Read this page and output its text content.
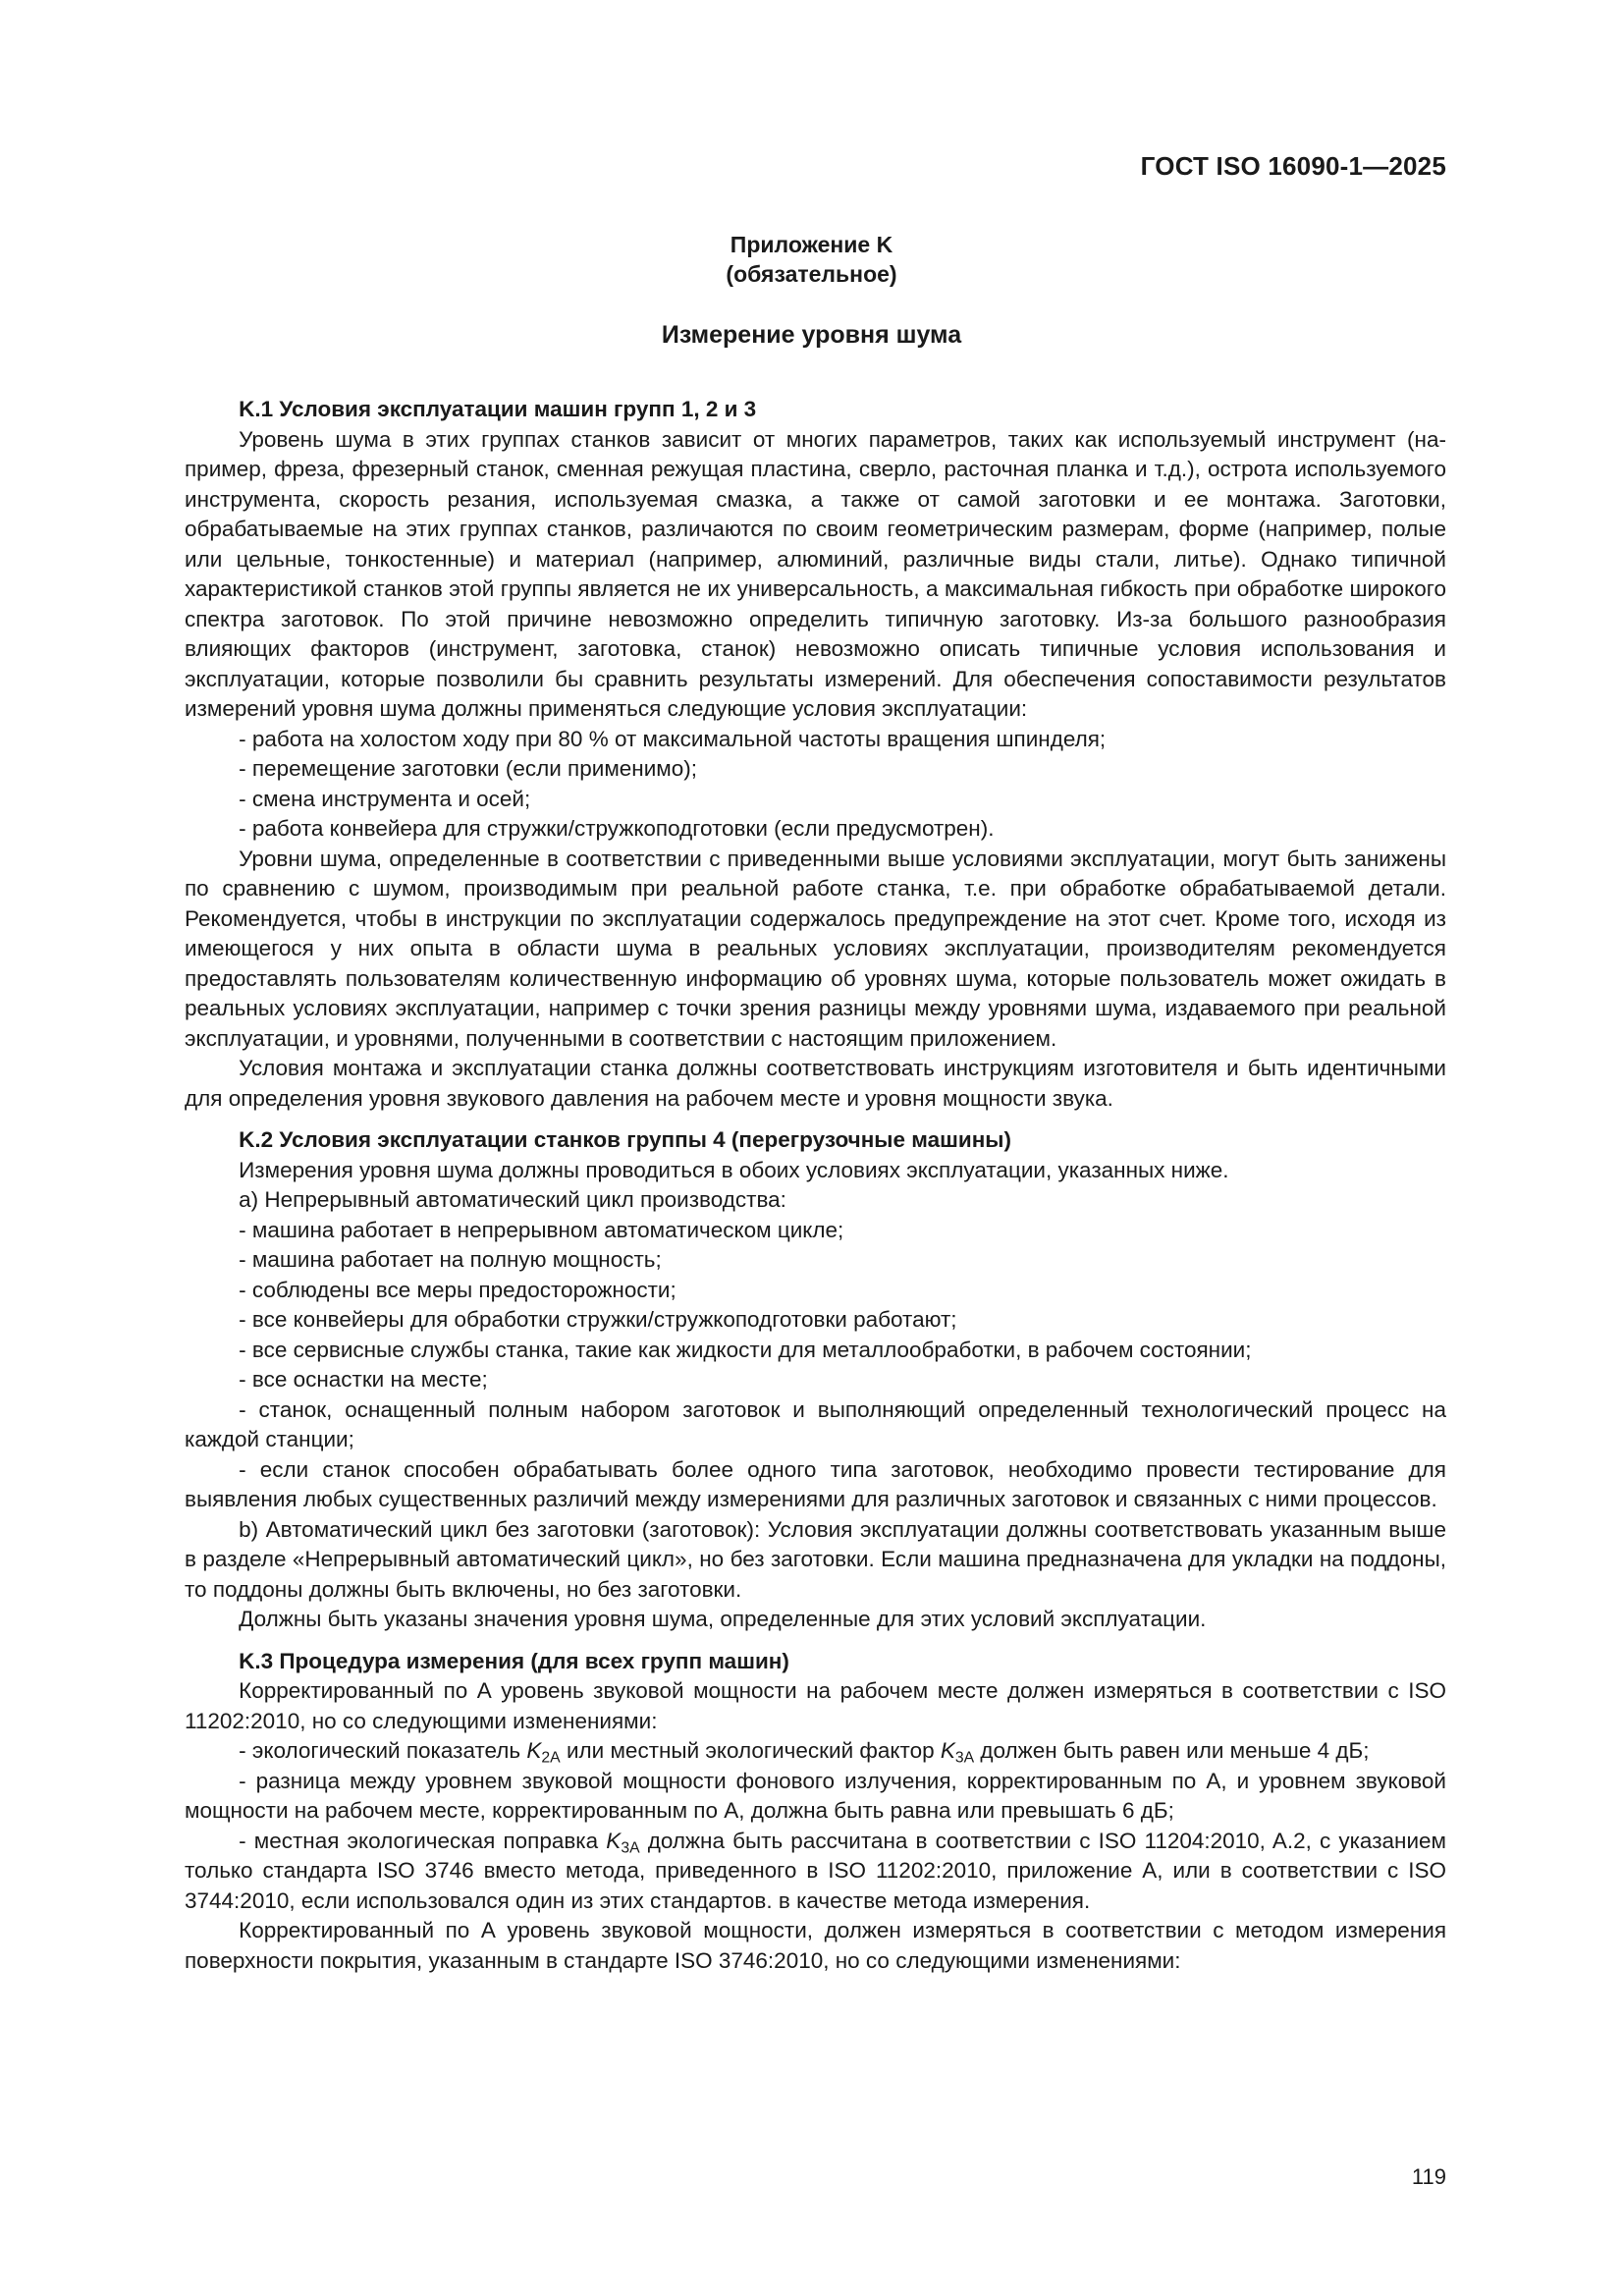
ГОСТ ISO 16090-1—2025
Приложение K
(обязательное)
Измерение уровня шума
K.1 Условия эксплуатации машин групп 1, 2 и 3

Уровень шума в этих группах станков зависит от многих параметров, таких как используемый инструмент (например, фреза, фрезерный станок, сменная режущая пластина, сверло, расточная планка и т.д.), острота используемого инструмента, скорость резания, используемая смазка, а также от самой заготовки и ее монтажа. Заготовки, обрабатываемые на этих группах станков, различаются по своим геометрическим размерам, форме (например, полые или цельные, тонкостенные) и материал (например, алюминий, различные виды стали, литье). Однако типичной характеристикой станков этой группы является не их универсальность, а максимальная гибкость при обработке широкого спектра заготовок. По этой причине невозможно определить типичную заготовку. Из-за большого разнообразия влияющих факторов (инструмент, заготовка, станок) невозможно описать типичные условия использования и эксплуатации, которые позволили бы сравнить результаты измерений. Для обеспечения сопоставимости результатов измерений уровня шума должны применяться следующие условия эксплуатации:

- работа на холостом ходу при 80 % от максимальной частоты вращения шпинделя;

- перемещение заготовки (если применимо);

- смена инструмента и осей;

- работа конвейера для стружки/стружкоподготовки (если предусмотрен).

Уровни шума, определенные в соответствии с приведенными выше условиями эксплуатации, могут быть занижены по сравнению с шумом, производимым при реальной работе станка, т.е. при обработке обрабатываемой детали. Рекомендуется, чтобы в инструкции по эксплуатации содержалось предупреждение на этот счет. Кроме того, исходя из имеющегося у них опыта в области шума в реальных условиях эксплуатации, производителям рекомендуется предоставлять пользователям количественную информацию об уровнях шума, которые пользователь может ожидать в реальных условиях эксплуатации, например с точки зрения разницы между уровнями шума, издаваемого при реальной эксплуатации, и уровнями, полученными в соответствии с настоящим приложением.

Условия монтажа и эксплуатации станка должны соответствовать инструкциям изготовителя и быть идентичными для определения уровня звукового давления на рабочем месте и уровня мощности звука.

K.2 Условия эксплуатации станков группы 4 (перегрузочные машины)

Измерения уровня шума должны проводиться в обоих условиях эксплуатации, указанных ниже.

a) Непрерывный автоматический цикл производства:

- машина работает в непрерывном автоматическом цикле;

- машина работает на полную мощность;

- соблюдены все меры предосторожности;

- все конвейеры для обработки стружки/стружкоподготовки работают;

- все сервисные службы станка, такие как жидкости для металлообработки, в рабочем состоянии;

- все оснастки на месте;

- станок, оснащенный полным набором заготовок и выполняющий определенный технологический процесс на каждой станции;

- если станок способен обрабатывать более одного типа заготовок, необходимо провести тестирование для выявления любых существенных различий между измерениями для различных заготовок и связанных с ними процессов.

b) Автоматический цикл без заготовки (заготовок): Условия эксплуатации должны соответствовать указанным выше в разделе «Непрерывный автоматический цикл», но без заготовки. Если машина предназначена для укладки на поддоны, то поддоны должны быть включены, но без заготовки.

Должны быть указаны значения уровня шума, определенные для этих условий эксплуатации.

K.3 Процедура измерения (для всех групп машин)

Корректированный по А уровень звуковой мощности на рабочем месте должен измеряться в соответствии с ISO 11202:2010, но со следующими изменениями:

- экологический показатель $K_{2A}$ или местный экологический фактор $K_{3A}$ должен быть равен или меньше 4 дБ;

- разница между уровнем звуковой мощности фонового излучения, корректированным по А, и уровнем звуковой мощности на рабочем месте, корректированным по А, должна быть равна или превышать 6 дБ;

- местная экологическая поправка $K_{3A}$ должна быть рассчитана в соответствии с ISO 11204:2010, A.2, с указанием только стандарта ISO 3746 вместо метода, приведенного в ISO 11202:2010, приложение A, или в соответствии с ISO 3744:2010, если использовался один из этих стандартов. в качестве метода измерения.

Корректированный по А уровень звуковой мощности, должен измеряться в соответствии с методом измерения поверхности покрытия, указанным в стандарте ISO 3746:2010, но со следующими изменениями:

119
